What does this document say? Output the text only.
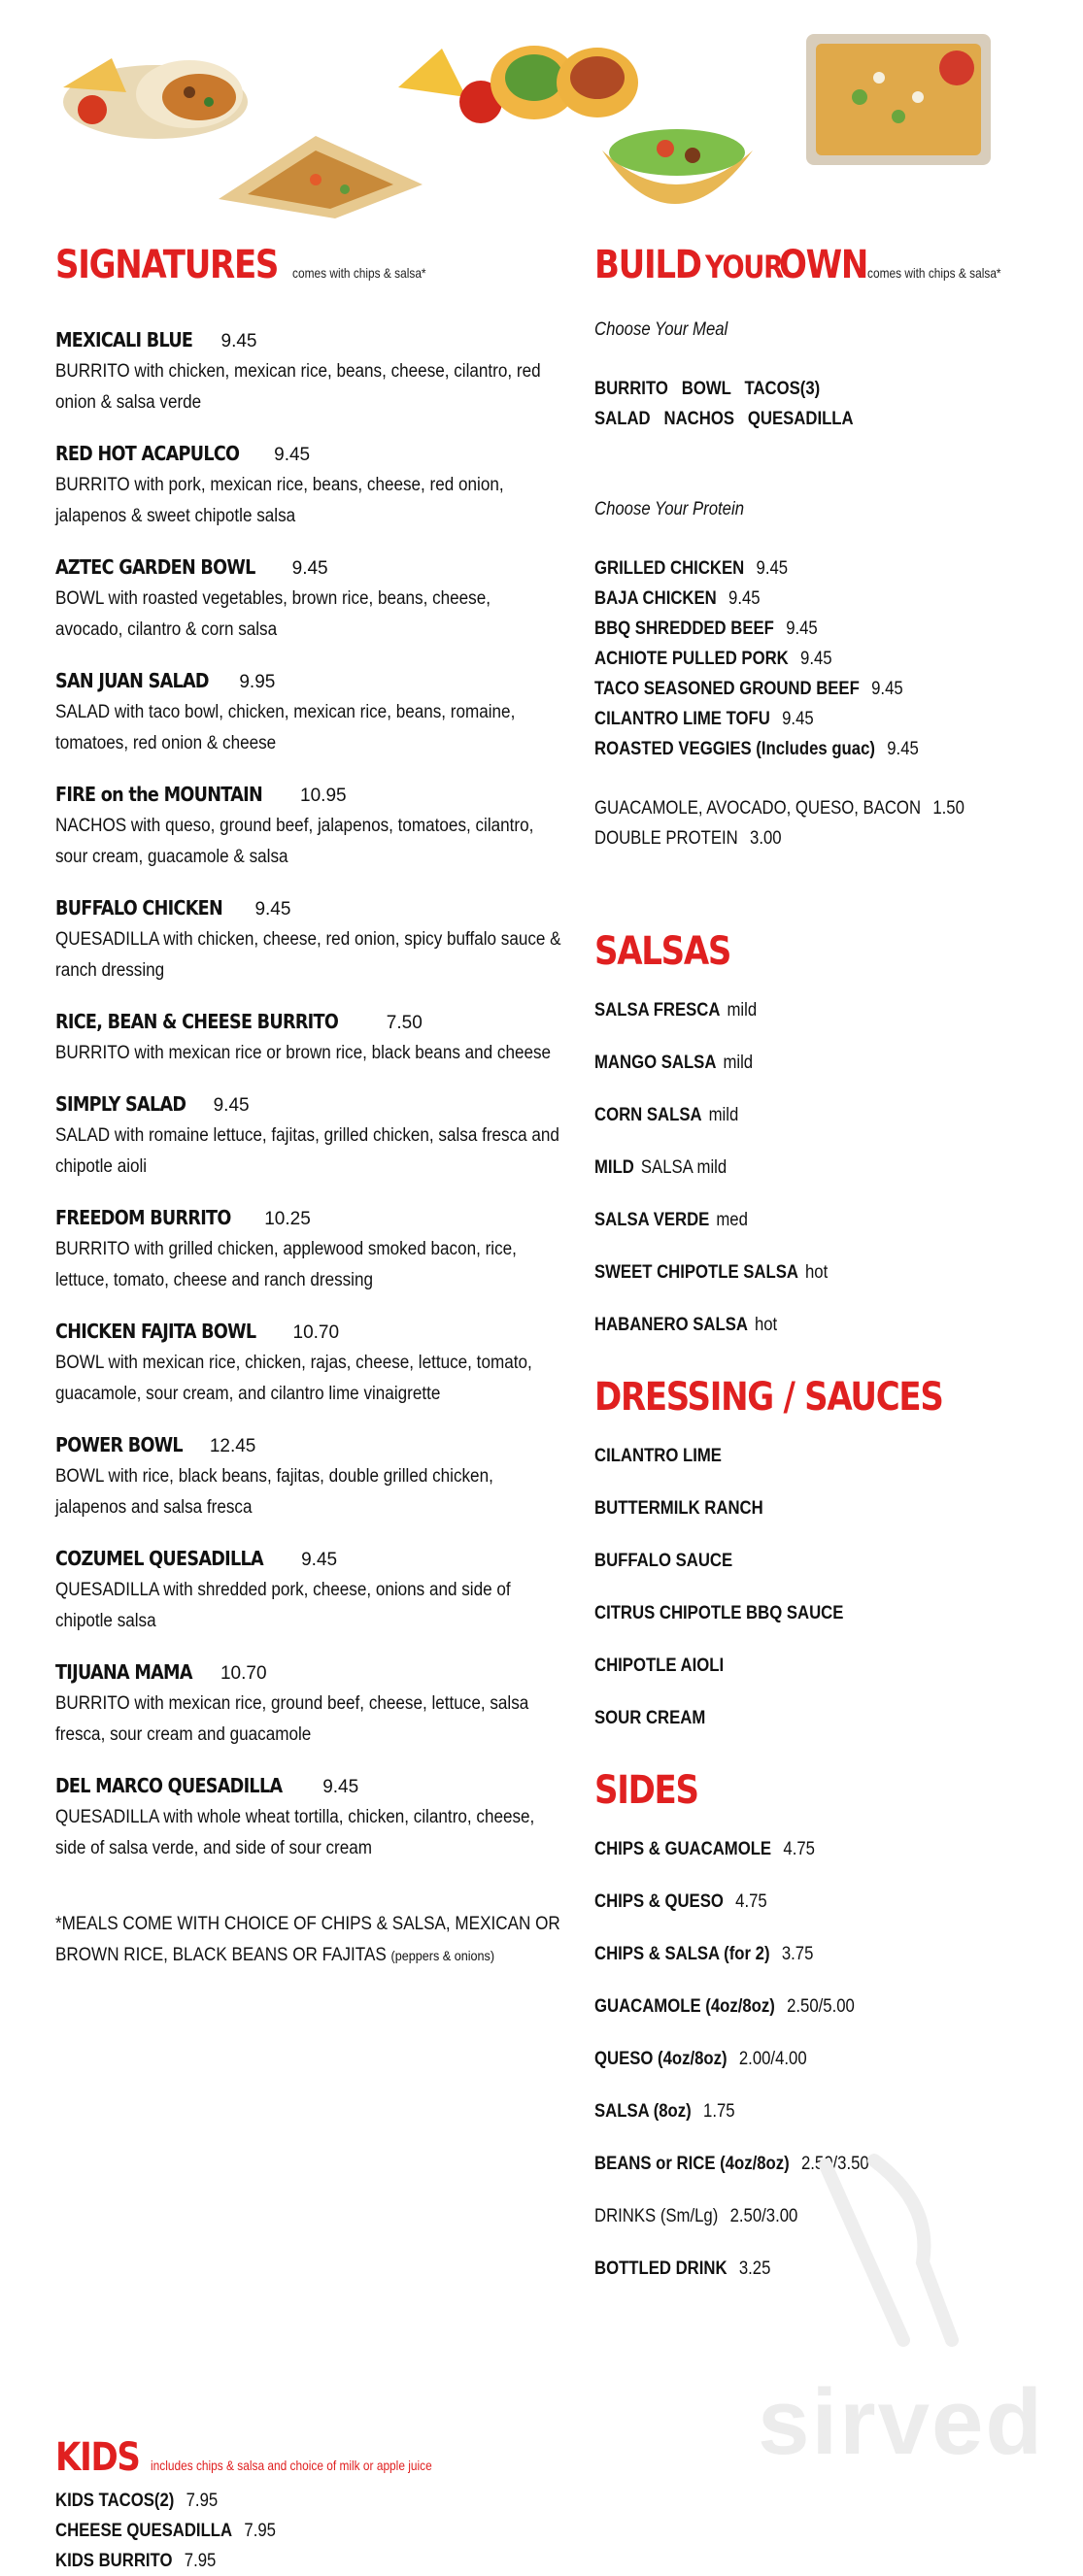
SIGNATURES comes with chips & salsa*
MEXICALI BLUE 9.45
BURRITO with chicken, mexican rice, beans, cheese, cilantro, red onion & salsa verde
RED HOT ACAPULCO 9.45
BURRITO with pork, mexican rice, beans, cheese, red onion, jalapenos & sweet chipotle salsa
AZTEC GARDEN BOWL 9.45
BOWL with roasted vegetables, brown rice, beans, cheese, avocado, cilantro & corn salsa
SAN JUAN SALAD 9.95
SALAD with taco bowl, chicken, mexican rice, beans, romaine, tomatoes, red onion & cheese
FIRE on the MOUNTAIN 10.95
NACHOS with queso, ground beef, jalapenos, tomatoes, cilantro, sour cream, guacamole & salsa
BUFFALO CHICKEN 9.45
QUESADILLA with chicken, cheese, red onion, spicy buffalo sauce & ranch dressing
RICE, BEAN & CHEESE BURRITO	7.50
BURRITO with mexican rice or brown rice, black beans and cheese
SIMPLY SALAD 9.45
SALAD with romaine lettuce, fajitas, grilled chicken, salsa fresca and chipotle aioli
FREEDOM BURRITO 10.25
BURRITO with grilled chicken, applewood smoked bacon, rice, lettuce, tomato, cheese and ranch dressing
CHICKEN FAJITA BOWL 10.70
BOWL with mexican rice, chicken, rajas, cheese, lettuce, tomato, guacamole, sour cream, and cilantro lime vinaigrette
POWER BOWL 12.45
BOWL with rice, black beans, fajitas, double grilled chicken, jalapenos and salsa fresca
COZUMEL QUESADILLA 9.45
QUESADILLA with shredded pork, cheese, onions and side of chipotle salsa
TIJUANA MAMA 10.70
BURRITO with mexican rice, ground beef, cheese, lettuce, salsa fresca, sour cream and guacamole
DEL MARCO QUESADILLA 9.45
QUESADILLA with whole wheat tortilla, chicken, cilantro, cheese, side of salsa verde, and side of sour cream
*MEALS COME WITH CHOICE OF CHIPS & SALSA, MEXICAN OR BROWN RICE, BLACK BEANS OR FAJITAS (peppers & onions)
BUILD YOUR OWN comes with chips & salsa*
Choose Your Meal
BURRITO   BOWL   TACOS(3)
SALAD   NACHOS   QUESADILLA
Choose Your Protein
GRILLED CHICKEN 9.45
BAJA CHICKEN 9.45
BBQ SHREDDED BEEF 9.45
ACHIOTE PULLED PORK 9.45
TACO SEASONED GROUND BEEF 9.45
CILANTRO LIME TOFU 9.45
ROASTED VEGGIES (Includes guac) 9.45
GUACAMOLE, AVOCADO, QUESO, BACON 1.50
DOUBLE PROTEIN 3.00
SALSAS
SALSA FRESCA mild
MANGO SALSA mild
CORN SALSA mild
MILD SALSA mild
SALSA VERDE med
SWEET CHIPOTLE SALSA hot
HABANERO SALSA hot
DRESSING / SAUCES
CILANTRO LIME
BUTTERMILK RANCH
BUFFALO SAUCE
CITRUS CHIPOTLE BBQ SAUCE
CHIPOTLE AIOLI
SOUR CREAM
SIDES
CHIPS & GUACAMOLE 4.75
CHIPS & QUESO 4.75
CHIPS & SALSA (for 2) 3.75
GUACAMOLE (4oz/8oz) 2.50/5.00
QUESO (4oz/8oz) 2.00/4.00
SALSA (8oz) 1.75
BEANS or RICE (4oz/8oz) 2.50/3.50
DRINKS (Sm/Lg) 2.50/3.00
BOTTLED DRINK 3.25
KIDS includes chips & salsa and choice of milk or apple juice
KIDS TACOS(2) 7.95
CHEESE QUESADILLA 7.95
KIDS BURRITO 7.95
sirved
